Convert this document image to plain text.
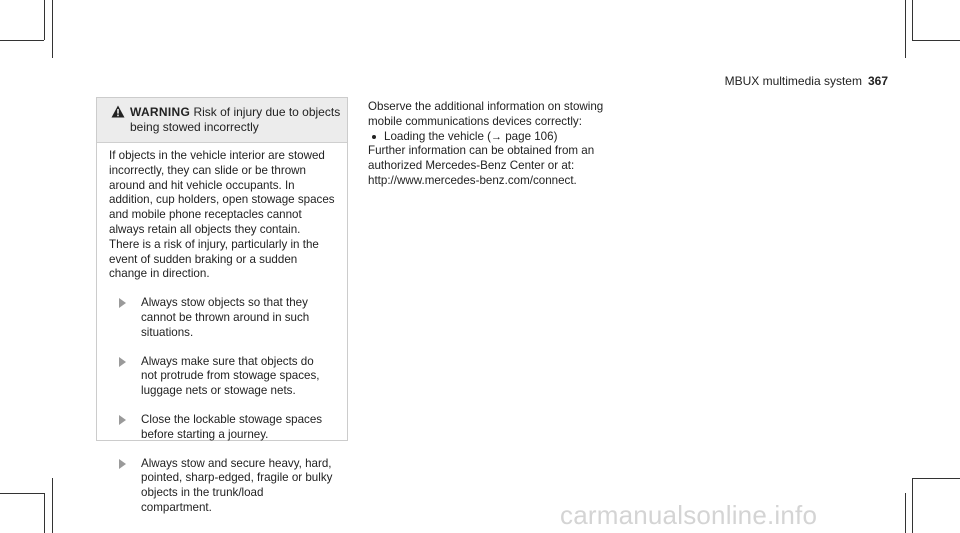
MBUX multimedia system 367
WARNING Risk of injury due to objects being stowed incorrectly

If objects in the vehicle interior are stowed incorrectly, they can slide or be thrown around and hit vehicle occupants. In addition, cup holders, open stowage spaces and mobile phone receptacles cannot always retain all objects they contain.

There is a risk of injury, particularly in the event of sudden braking or a sudden change in direction.

Always stow objects so that they cannot be thrown around in such situations.
Always make sure that objects do not protrude from stowage spaces, luggage nets or stowage nets.
Close the lockable stowage spaces before starting a journey.
Always stow and secure heavy, hard, pointed, sharp-edged, fragile or bulky objects in the trunk/load compartment.

Observe the additional information on stowing mobile communications devices correctly:

Loading the vehicle (→ page 106)

Further information can be obtained from an authorized Mercedes-Benz Center or at: http://www.mercedes-benz.com/connect.

carmanualsonline.info
